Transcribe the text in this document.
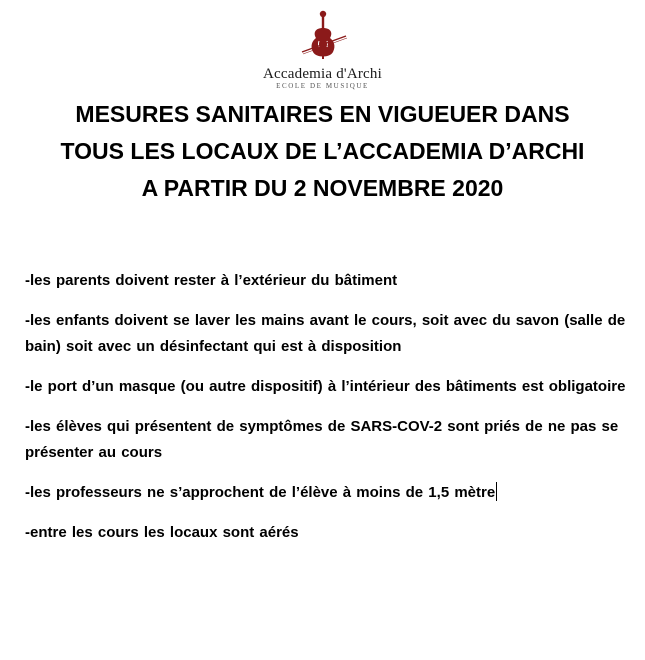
Accademia d'Archi
ECOLE DE MUSIQUE
MESURES SANITAIRES EN VIGUEUER DANS
TOUS LES LOCAUX DE L’ACCADEMIA D’ARCHI
A PARTIR DU 2 NOVEMBRE 2020
-les parents doivent rester à l’extérieur du bâtiment
-les enfants doivent se laver les mains avant le cours, soit avec du savon (salle de bain) soit avec un désinfectant qui est à disposition
-le port d’un masque (ou autre dispositif) à l’intérieur des bâtiments est obligatoire
-les élèves qui présentent de symptômes de SARS-COV-2 sont priés de ne pas se présenter au cours
-les professeurs ne s’approchent de l’élève à moins de 1,5 mètre
-entre les cours les locaux sont aérés
